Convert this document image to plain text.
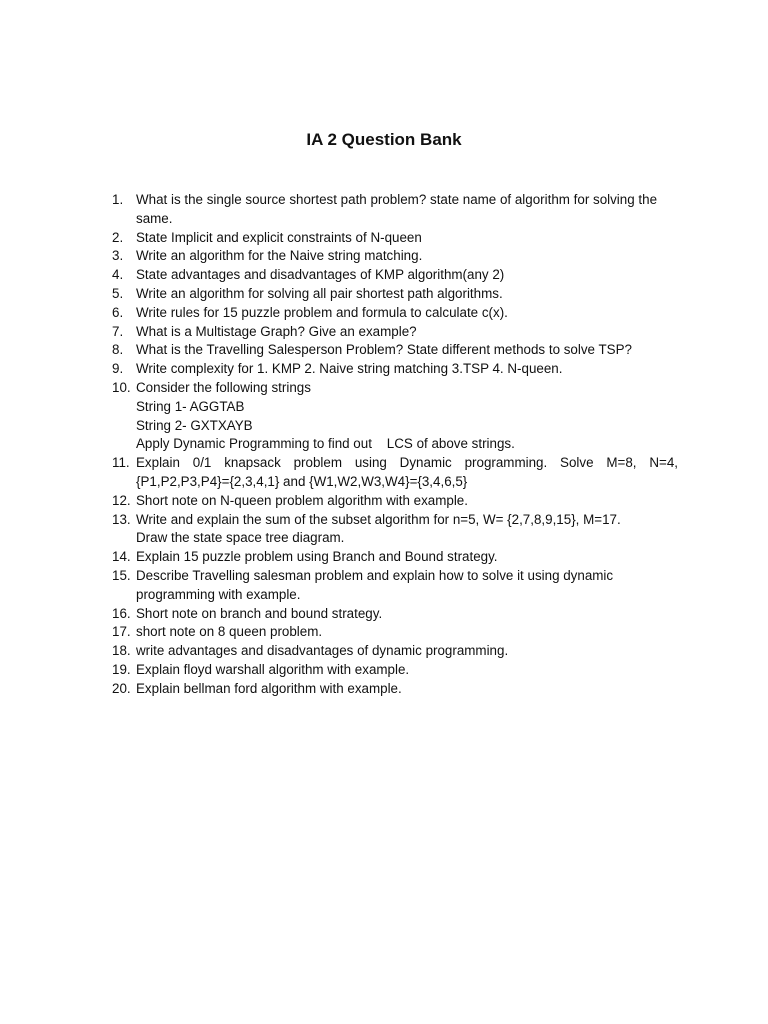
IA 2 Question Bank
1. What is the single source shortest path problem? state name of algorithm for solving the same.
2. State Implicit and explicit constraints of N-queen
3. Write an algorithm for the Naive string matching.
4. State advantages and disadvantages of KMP algorithm(any 2)
5. Write an algorithm for solving all pair shortest path algorithms.
6. Write rules for 15 puzzle problem and formula to calculate c(x).
7. What is a Multistage Graph? Give an example?
8. What is the Travelling Salesperson Problem? State different methods to solve TSP?
9. Write complexity for 1. KMP 2. Naive string matching 3.TSP 4. N-queen.
10. Consider the following strings
String 1- AGGTAB
String 2- GXTXAYB
Apply Dynamic Programming to find out    LCS of above strings.
11. Explain 0/1 knapsack problem using Dynamic programming. Solve M=8, N=4,{P1,P2,P3,P4}={2,3,4,1} and {W1,W2,W3,W4}={3,4,6,5}
12. Short note on N-queen problem algorithm with example.
13. Write and explain the sum of the subset algorithm for n=5, W= {2,7,8,9,15}, M=17.
Draw the state space tree diagram.
14. Explain 15 puzzle problem using Branch and Bound strategy.
15. Describe Travelling salesman problem and explain how to solve it using dynamic programming with example.
16. Short note on branch and bound strategy.
17. short note on 8 queen problem.
18. write advantages and disadvantages of dynamic programming.
19. Explain floyd warshall algorithm with example.
20. Explain bellman ford algorithm with example.
